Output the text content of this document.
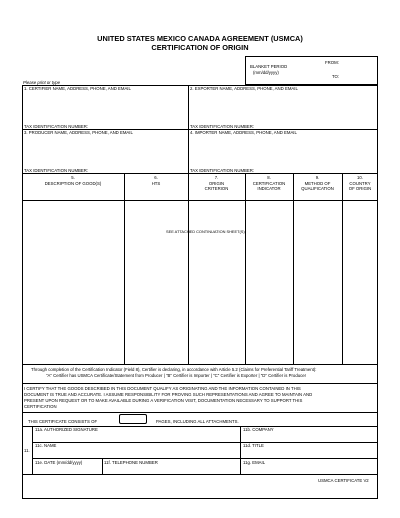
UNITED STATES MEXICO CANADA AGREEMENT (USMCA)
CERTIFICATION OF ORIGIN
BLANKET PERIOD
(mm/dd/yyyy)
FROM:
TO:
Please print or type
1. CERTIFIER NAME, ADDRESS, PHONE, AND EMAIL
TAX IDENTIFICATION NUMBER:
2. EXPORTER NAME, ADDRESS, PHONE, AND EMAIL
TAX IDENTIFICATION NUMBER:
3. PRODUCER NAME, ADDRESS, PHONE, AND EMAIL
TAX IDENTIFICATION NUMBER:
4. IMPORTER NAME, ADDRESS, PHONE, AND EMAIL
TAX IDENTIFICATION NUMBER:
5.
DESCRIPTION OF GOOD(S)
6.
HTS
7.
ORIGIN
CRITERION
8.
CERTIFICATION
INDICATOR
9.
METHOD OF
QUALIFICATION
10.
COUNTRY
OF ORIGIN
SEE ATTACHED CONTINUATION SHEET(S)
Through completion of the Certification Indicator (Field 8), Certifier is declaring, in accordance with Article 5.2 (Claims for Preferential Tariff Treatment):
"A" Certifier has USMCA Certificate/Statement from Producer | "B" Certifier is Importer | "C" Certifier is Exporter | "D" Certifier is Producer
I CERTIFY THAT THE GOODS DESCRIBED IN THIS DOCUMENT QUALIFY AS ORIGINATING AND THE INFORMATION CONTAINED IN THIS
DOCUMENT IS TRUE AND ACCURATE. I ASSUME RESPONSIBILITY FOR PROVING SUCH REPRESENTATIONS AND AGREE TO MAINTAIN AND
PRESENT UPON REQUEST OR TO MAKE AVAILABLE DURING A VERIFICATION VISIT, DOCUMENTATION NECESSARY TO SUPPORT THIS
CERTIFICATION
THIS CERTIFICATE CONSISTS OF	PAGES, INCLUDING ALL ATTACHMENTS.
11.
11a. AUTHORIZED SIGNATURE	11b. COMPANY
11c. NAME	11d. TITLE
11e. DATE (mm/dd/yyyy)	11f. TELEPHONE NUMBER	11g. EMAIL
USMCA CERTIFICATE V2
